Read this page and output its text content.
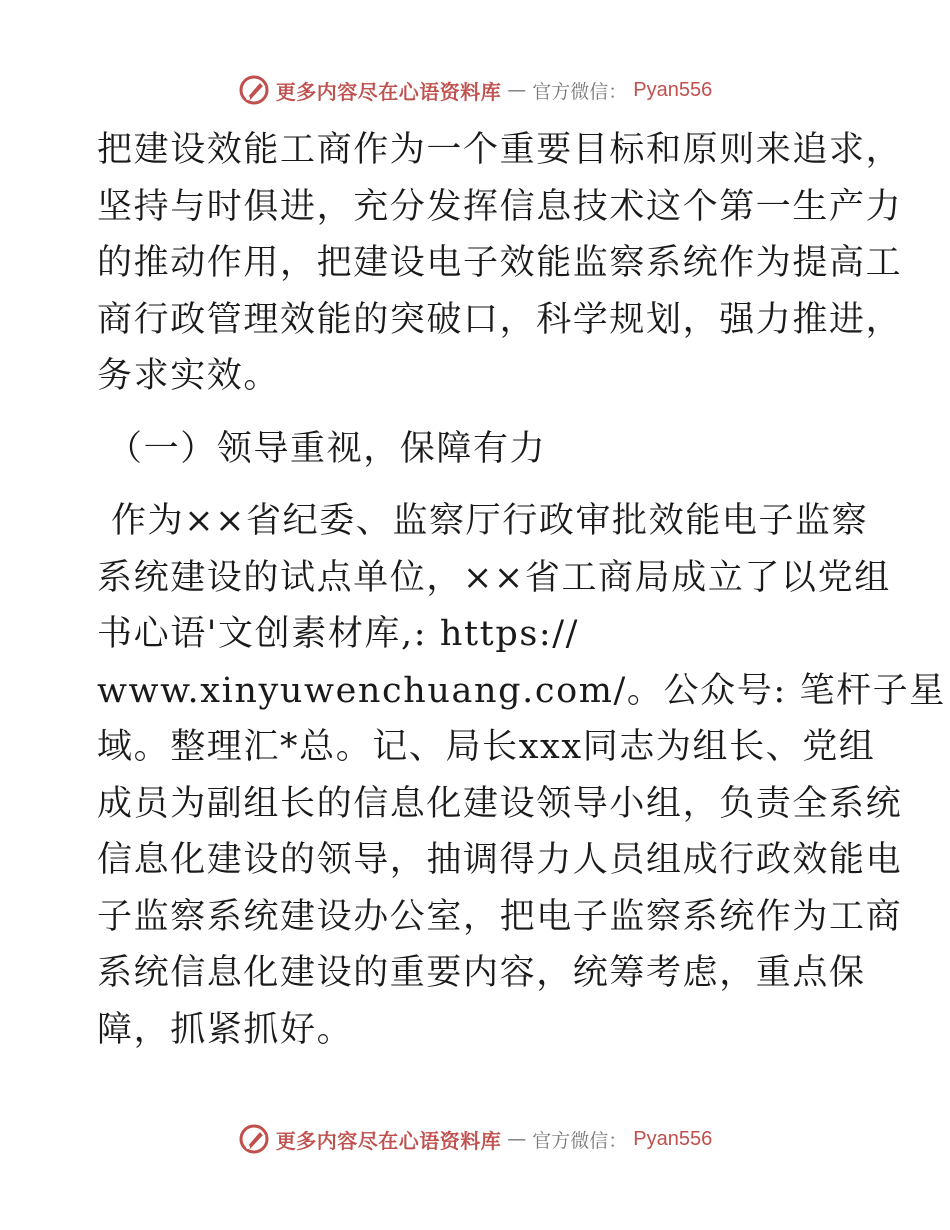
更多内容尽在心语资料库 — 官方微信： Pyan556
把建设效能工商作为一个重要目标和原则来追求，
坚持与时俱进，充分发挥信息技术这个第一生产力
的推动作用，把建设电子效能监察系统作为提高工
商行政管理效能的突破口，科学规划，强力推进，
务求实效。
（一）领导重视，保障有力
作为××省纪委、监察厅行政审批效能电子监察
系统建设的试点单位，××省工商局成立了以党组
书心语'文创素材库,: https://
www.xinyuwenchuang.com/。公众号: 笔杆子星
域。整理汇*总。记、局长xxx同志为组长、党组
成员为副组长的信息化建设领导小组，负责全系统
信息化建设的领导，抽调得力人员组成行政效能电
子监察系统建设办公室，把电子监察系统作为工商
系统信息化建设的重要内容，统筹考虑，重点保
障，抓紧抓好。
更多内容尽在心语资料库 — 官方微信： Pyan556
